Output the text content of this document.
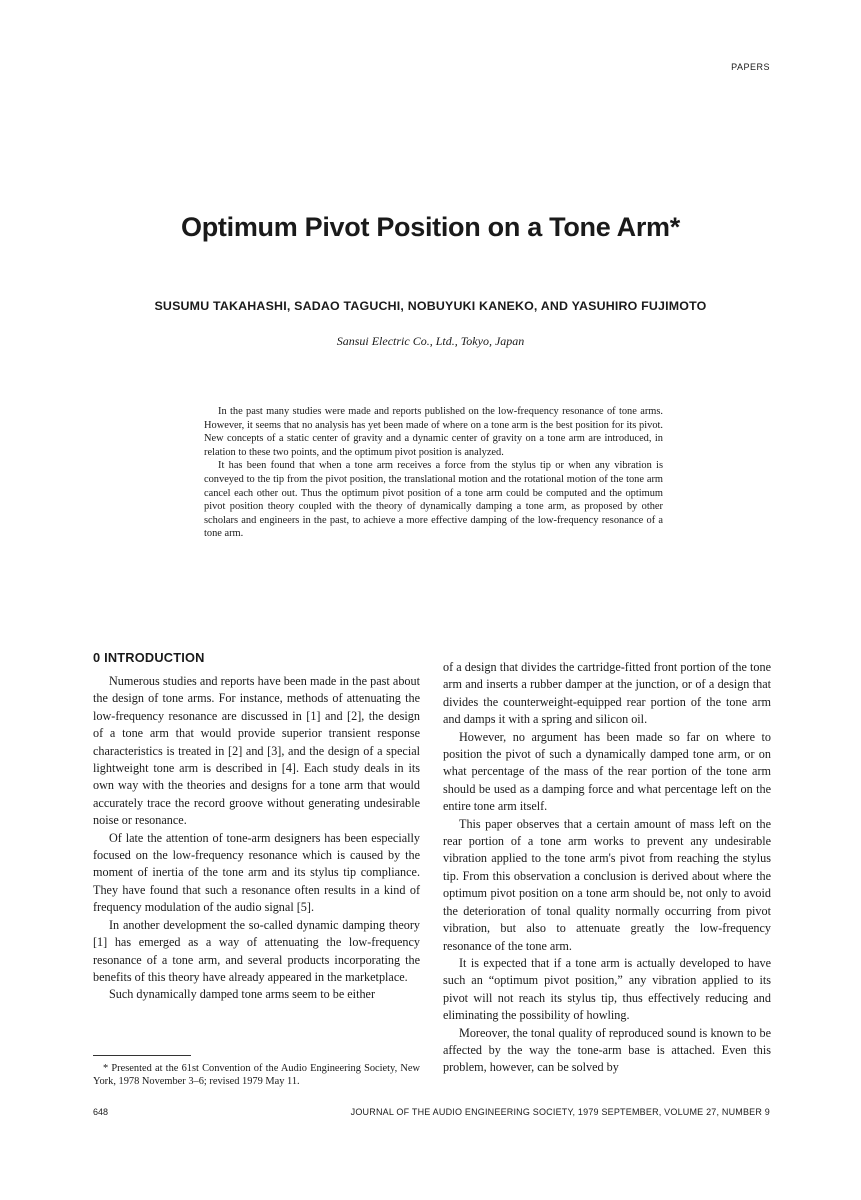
PAPERS
Optimum Pivot Position on a Tone Arm*
SUSUMU TAKAHASHI, SADAO TAGUCHI, NOBUYUKI KANEKO, AND YASUHIRO FUJIMOTO
Sansui Electric Co., Ltd., Tokyo, Japan

In the past many studies were made and reports published on the low-frequency resonance of tone arms. However, it seems that no analysis has yet been made of where on a tone arm is the best position for its pivot. New concepts of a static center of gravity and a dynamic center of gravity on a tone arm are introduced, in relation to these two points, and the optimum pivot position is analyzed.

It has been found that when a tone arm receives a force from the stylus tip or when any vibration is conveyed to the tip from the pivot position, the translational motion and the rotational motion of the tone arm cancel each other out. Thus the optimum pivot position of a tone arm could be computed and the optimum pivot position theory coupled with the theory of dynamically damping a tone arm, as proposed by other scholars and engineers in the past, to achieve a more effective damping of the low-frequency resonance of a tone arm.

0 INTRODUCTION

Numerous studies and reports have been made in the past about the design of tone arms. For instance, methods of attenuating the low-frequency resonance are discussed in [1] and [2], the design of a tone arm that would provide superior transient response characteristics is treated in [2] and [3], and the design of a special lightweight tone arm is described in [4]. Each study deals in its own way with the theories and designs for a tone arm that would accurately trace the record groove without generating undesirable noise or resonance.

Of late the attention of tone-arm designers has been especially focused on the low-frequency resonance which is caused by the moment of inertia of the tone arm and its stylus tip compliance. They have found that such a resonance often results in a kind of frequency modulation of the audio signal [5].

In another development the so-called dynamic damping theory [1] has emerged as a way of attenuating the low-frequency resonance of a tone arm, and several products incorporating the benefits of this theory have already appeared in the marketplace.

Such dynamically damped tone arms seem to be either

of a design that divides the cartridge-fitted front portion of the tone arm and inserts a rubber damper at the junction, or of a design that divides the counterweight-equipped rear portion of the tone arm and damps it with a spring and silicon oil.

However, no argument has been made so far on where to position the pivot of such a dynamically damped tone arm, or on what percentage of the mass of the rear portion of the tone arm should be used as a damping force and what percentage left on the entire tone arm itself.

This paper observes that a certain amount of mass left on the rear portion of a tone arm works to prevent any undesirable vibration applied to the tone arm's pivot from reaching the stylus tip. From this observation a conclusion is derived about where the optimum pivot position on a tone arm should be, not only to avoid the deterioration of tonal quality normally occurring from pivot vibration, but also to attenuate greatly the low-frequency resonance of the tone arm.

It is expected that if a tone arm is actually developed to have such an “optimum pivot position,” any vibration applied to its pivot will not reach its stylus tip, thus effectively reducing and eliminating the possibility of howling.

Moreover, the tonal quality of reproduced sound is known to be affected by the way the tone-arm base is attached. Even this problem, however, can be solved by

* Presented at the 61st Convention of the Audio Engineering Society, New York, 1978 November 3–6; revised 1979 May 11.
648	JOURNAL OF THE AUDIO ENGINEERING SOCIETY, 1979 SEPTEMBER, VOLUME 27, NUMBER 9
